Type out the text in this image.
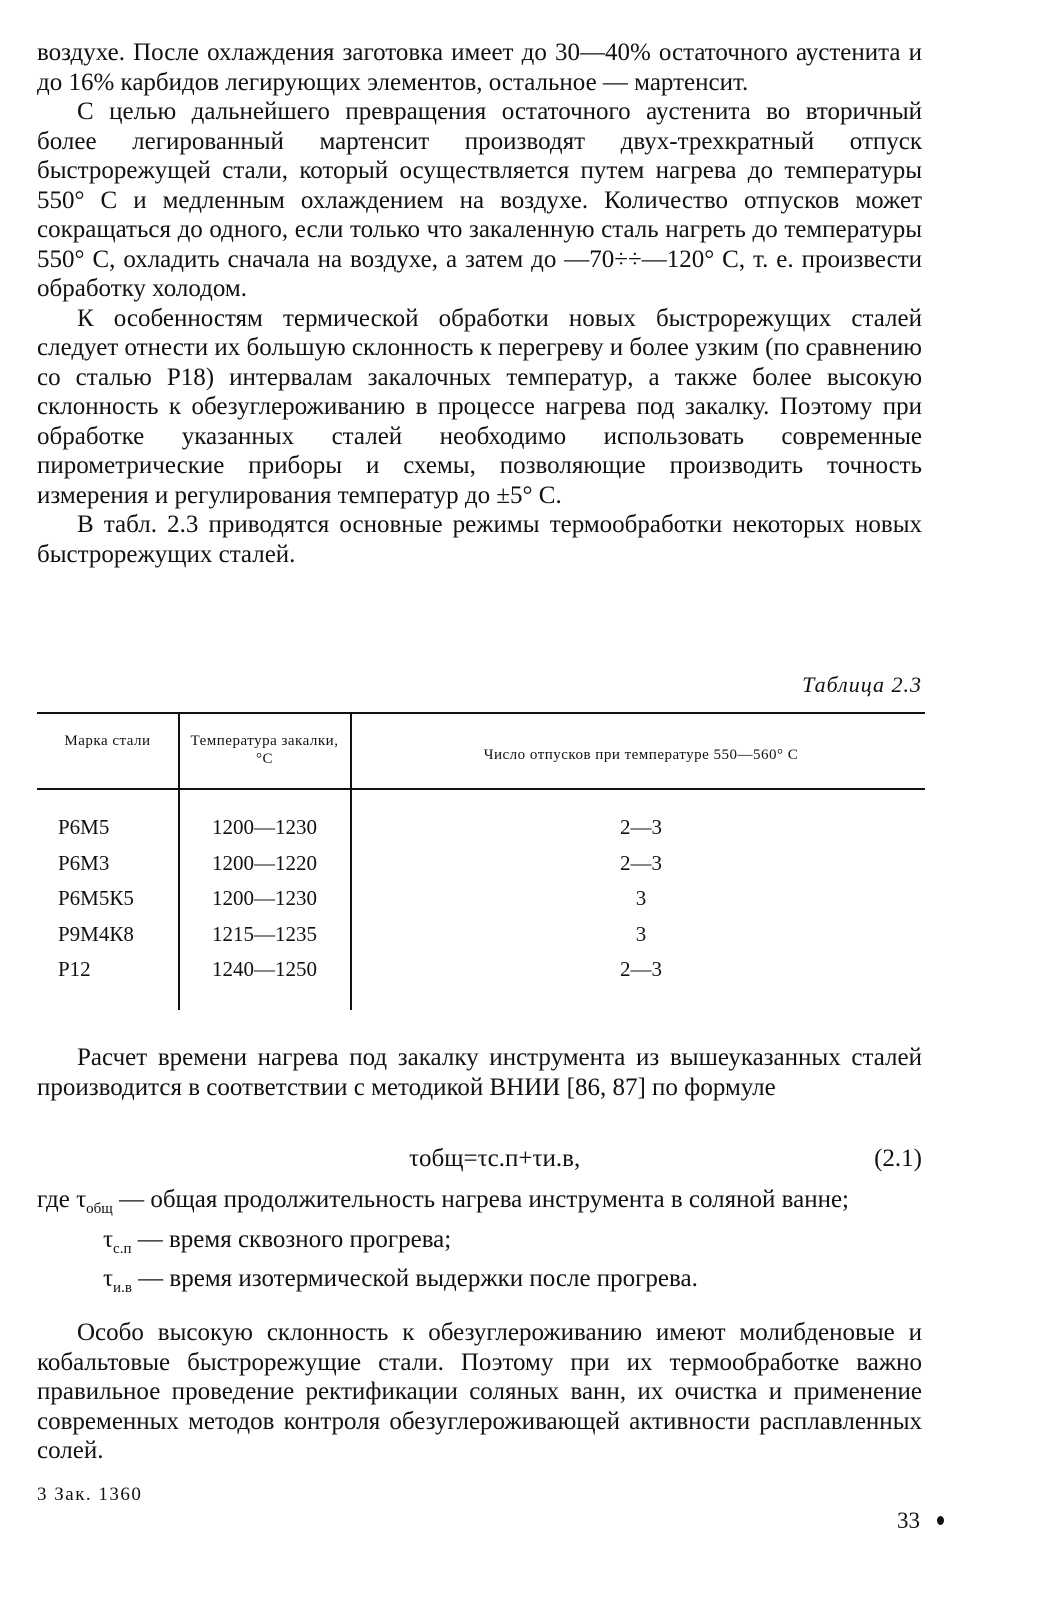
воздухе. После охлаждения заготовка имеет до 30—40% остаточного аустенита и до 16% карбидов легирующих элементов, остальное — мартенсит.

С целью дальнейшего превращения остаточного аустенита во вторичный более легированный мартенсит производят двух-трехкратный отпуск быстрорежущей стали, который осуществляется путем нагрева до температуры 550° С и медленным охлаждением на воздухе. Количество отпусков может сокращаться до одного, если только что закаленную сталь нагреть до температуры 550° С, охладить сначала на воздухе, а затем до —70÷÷—120° С, т. е. произвести обработку холодом.

К особенностям термической обработки новых быстрорежущих сталей следует отнести их большую склонность к перегреву и более узким (по сравнению со сталью Р18) интервалам закалочных температур, а также более высокую склонность к обезуглероживанию в процессе нагрева под закалку. Поэтому при обработке указанных сталей необходимо использовать современные пирометрические приборы и схемы, позволяющие производить точность измерения и регулирования температур до ±5° С.

В табл. 2.3 приводятся основные режимы термообработки некоторых новых быстрорежущих сталей.

Таблица 2.3
Марка стали	Температура закалки, °С	Число отпусков при температуре 550—560° С
Р6М5	1200—1230	2—3
Р6М3	1200—1220	2—3
Р6М5К5	1200—1230	3
Р9М4К8	1215—1235	3
Р12	1240—1250	2—3

Расчет времени нагрева под закалку инструмента из вышеуказанных сталей производится в соответствии с методикой ВНИИ [86, 87] по формуле

τобщ=τс.п+τи.в,	(2.1)
где $\tau_{общ}$ — общая продолжительность нагрева инструмента в соляной ванне;
$\tau_{с.п}$ — время сквозного прогрева;
$\tau_{и.в}$ — время изотермической выдержки после прогрева.

Особо высокую склонность к обезуглероживанию имеют молибденовые и кобальтовые быстрорежущие стали. Поэтому при их термообработке важно правильное проведение ректификации соляных ванн, их очистка и применение современных методов контроля обезуглероживающей активности расплавленных солей.

3 Зак. 1360
33
